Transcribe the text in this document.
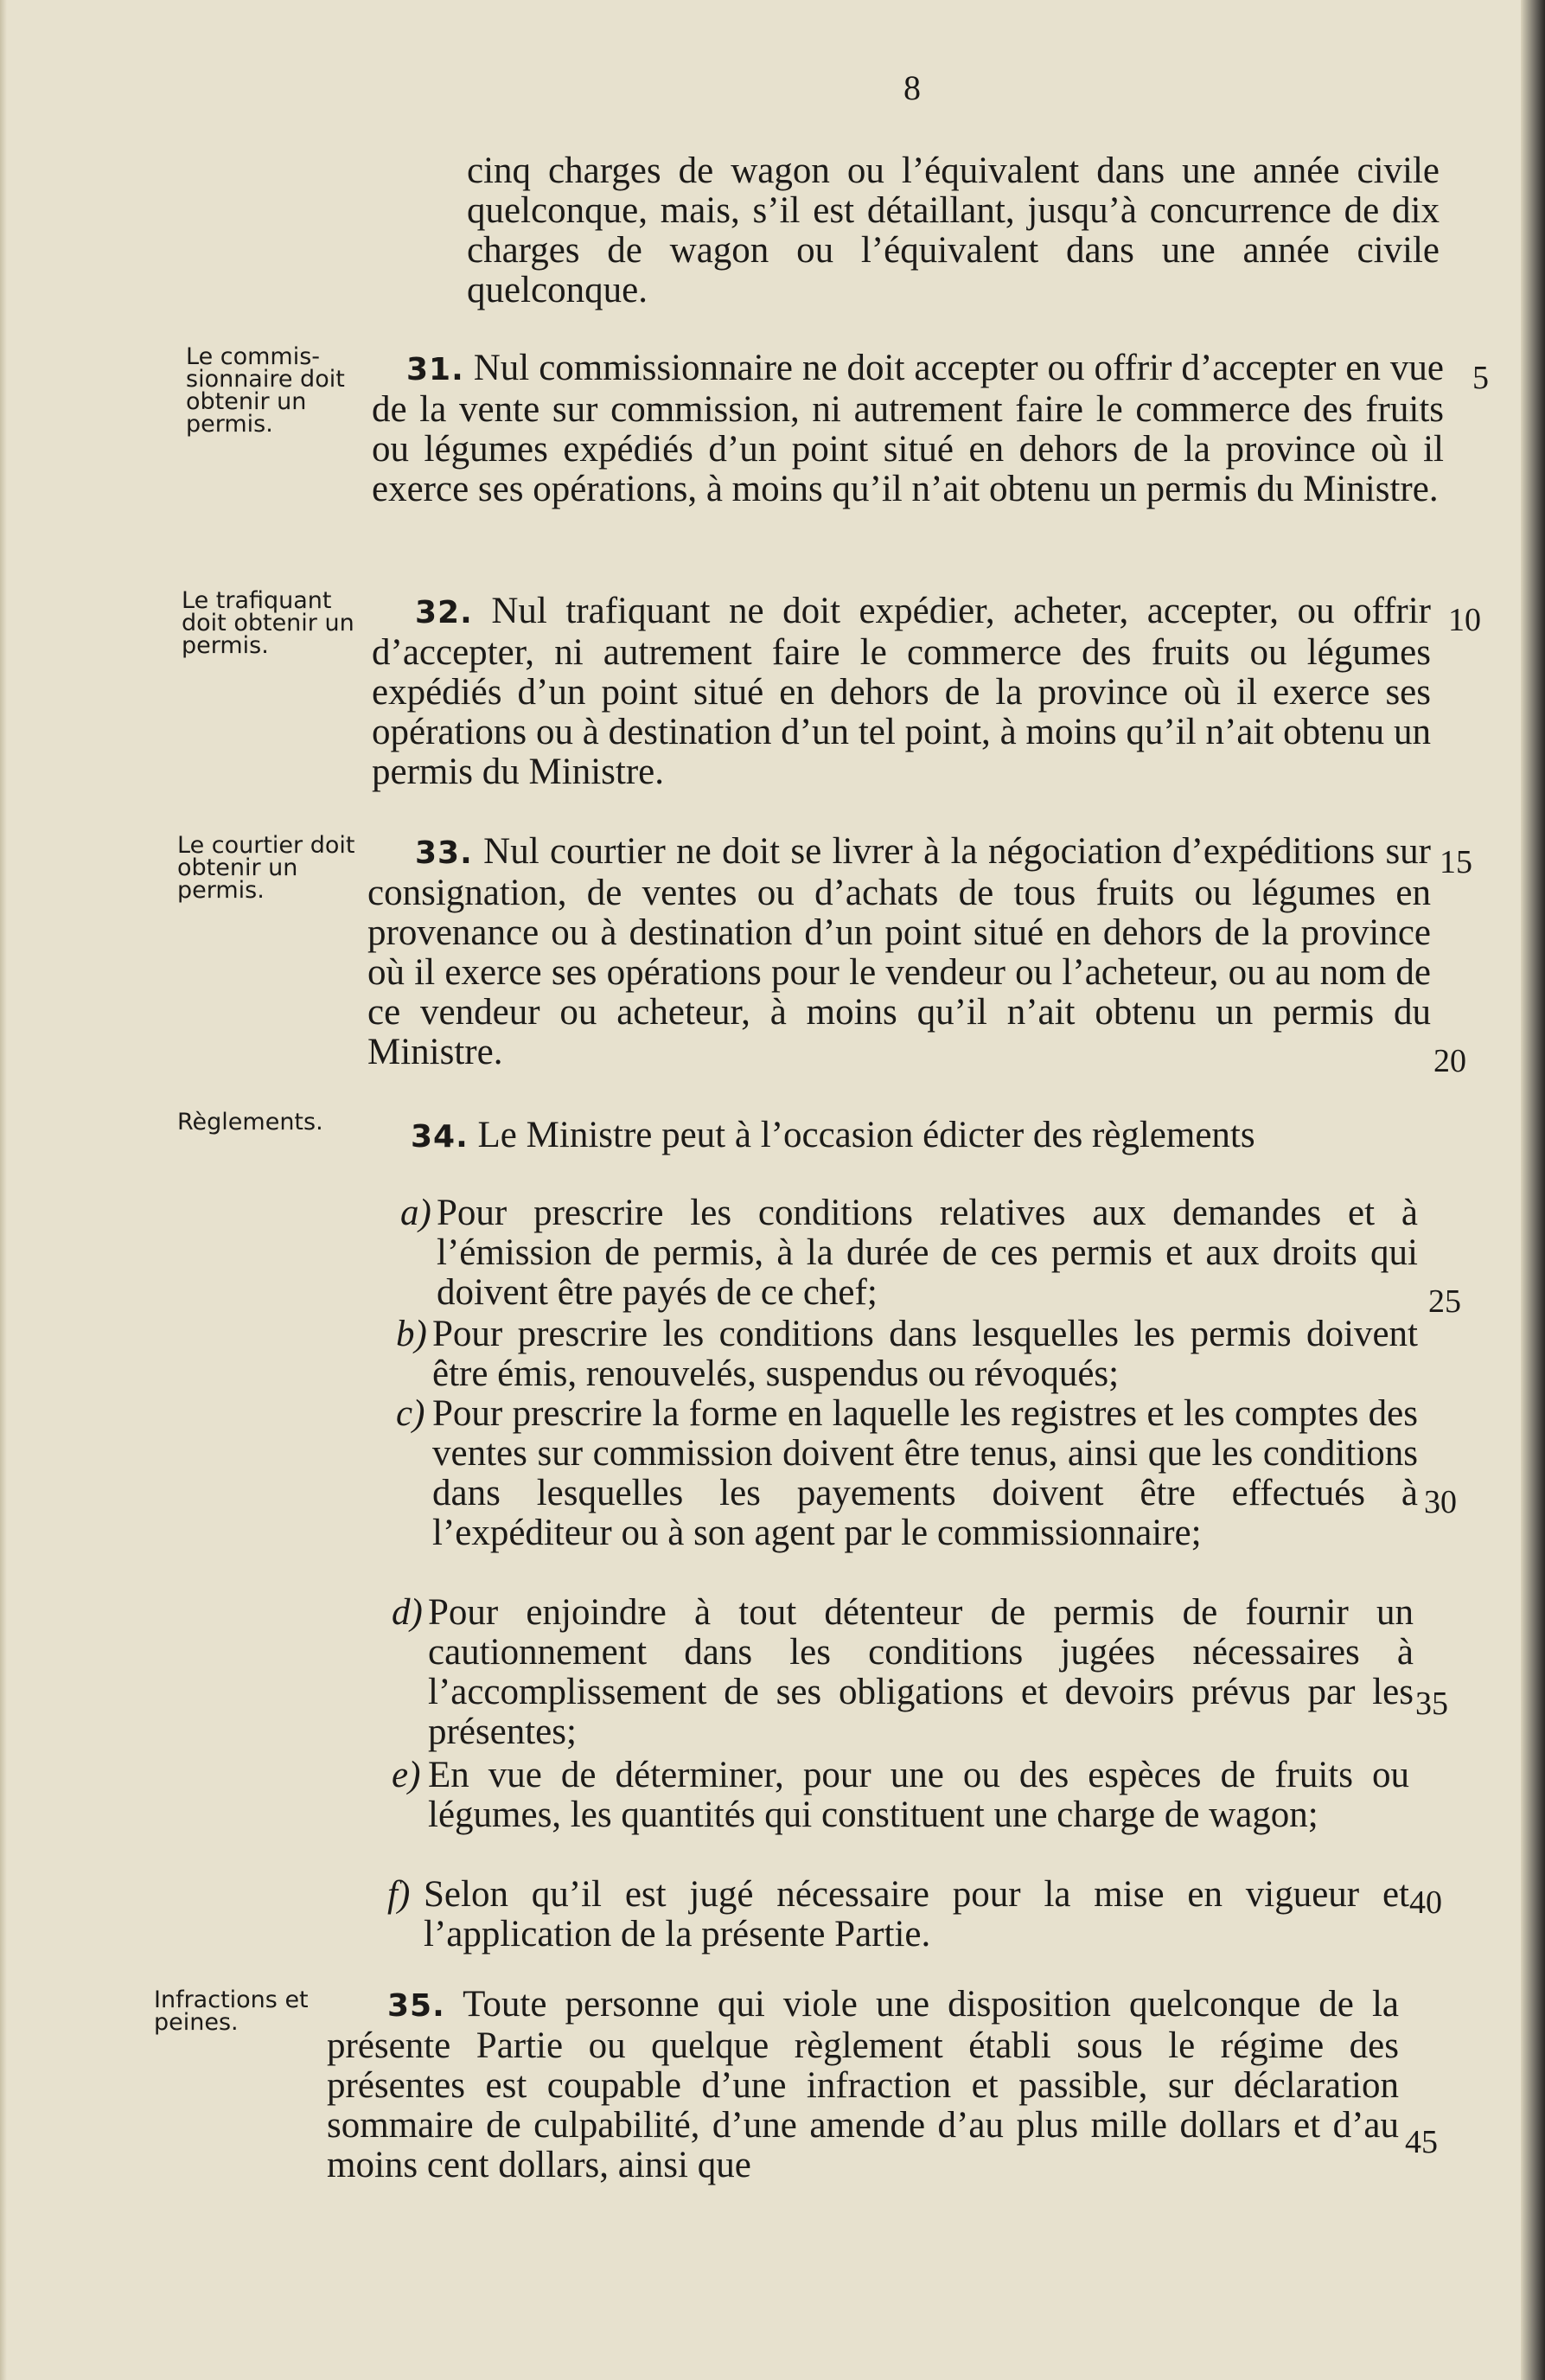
8

cinq charges de wagon ou l’équivalent dans une année civile quelconque, mais, s’il est détaillant, jusqu’à concurrence de dix charges de wagon ou l’équivalent dans une année civile quelconque.

Le commis-sionnaire doit obtenir un permis.

31. Nul commissionnaire ne doit accepter ou offrir d’accepter en vue de la vente sur commission, ni autrement faire le commerce des fruits ou légumes expédiés d’un point situé en dehors de la province où il exerce ses opérations, à moins qu’il n’ait obtenu un permis du Ministre.

Le trafiquant doit obtenir un permis.

32. Nul trafiquant ne doit expédier, acheter, accepter, ou offrir d’accepter, ni autrement faire le commerce des fruits ou légumes expédiés d’un point situé en dehors de la province où il exerce ses opérations ou à destination d’un tel point, à moins qu’il n’ait obtenu un permis du Ministre.

Le courtier doit obtenir un permis.

33. Nul courtier ne doit se livrer à la négociation d’expéditions sur consignation, de ventes ou d’achats de tous fruits ou légumes en provenance ou à destination d’un point situé en dehors de la province où il exerce ses opérations pour le vendeur ou l’acheteur, ou au nom de ce vendeur ou acheteur, à moins qu’il n’ait obtenu un permis du Ministre.

Règlements.	34. Le Ministre peut à l’occasion édicter des règlements

a) Pour prescrire les conditions relatives aux demandes et à l’émission de permis, à la durée de ces permis et aux droits qui doivent être payés de ce chef;
b) Pour prescrire les conditions dans lesquelles les permis doivent être émis, renouvelés, suspendus ou révoqués;
c) Pour prescrire la forme en laquelle les registres et les comptes des ventes sur commission doivent être tenus, ainsi que les conditions dans lesquelles les payements doivent être effectués à l’expéditeur ou à son agent par le commissionnaire;
d) Pour enjoindre à tout détenteur de permis de fournir un cautionnement dans les conditions jugées nécessaires à l’accomplissement de ses obligations et devoirs prévus par les présentes;
e) En vue de déterminer, pour une ou des espèces de fruits ou légumes, les quantités qui constituent une charge de wagon;
f) Selon qu’il est jugé nécessaire pour la mise en vigueur et l’application de la présente Partie.
Infractions et peines.	35. Toute personne qui viole une disposition quelconque de la présente Partie ou quelque règlement établi sous le régime des présentes est coupable d’une infraction et passible, sur déclaration sommaire de culpabilité, d’une amende d’au plus mille dollars et d’au moins cent dollars, ainsi que

5
10
15
20
25
30
35
40
45
